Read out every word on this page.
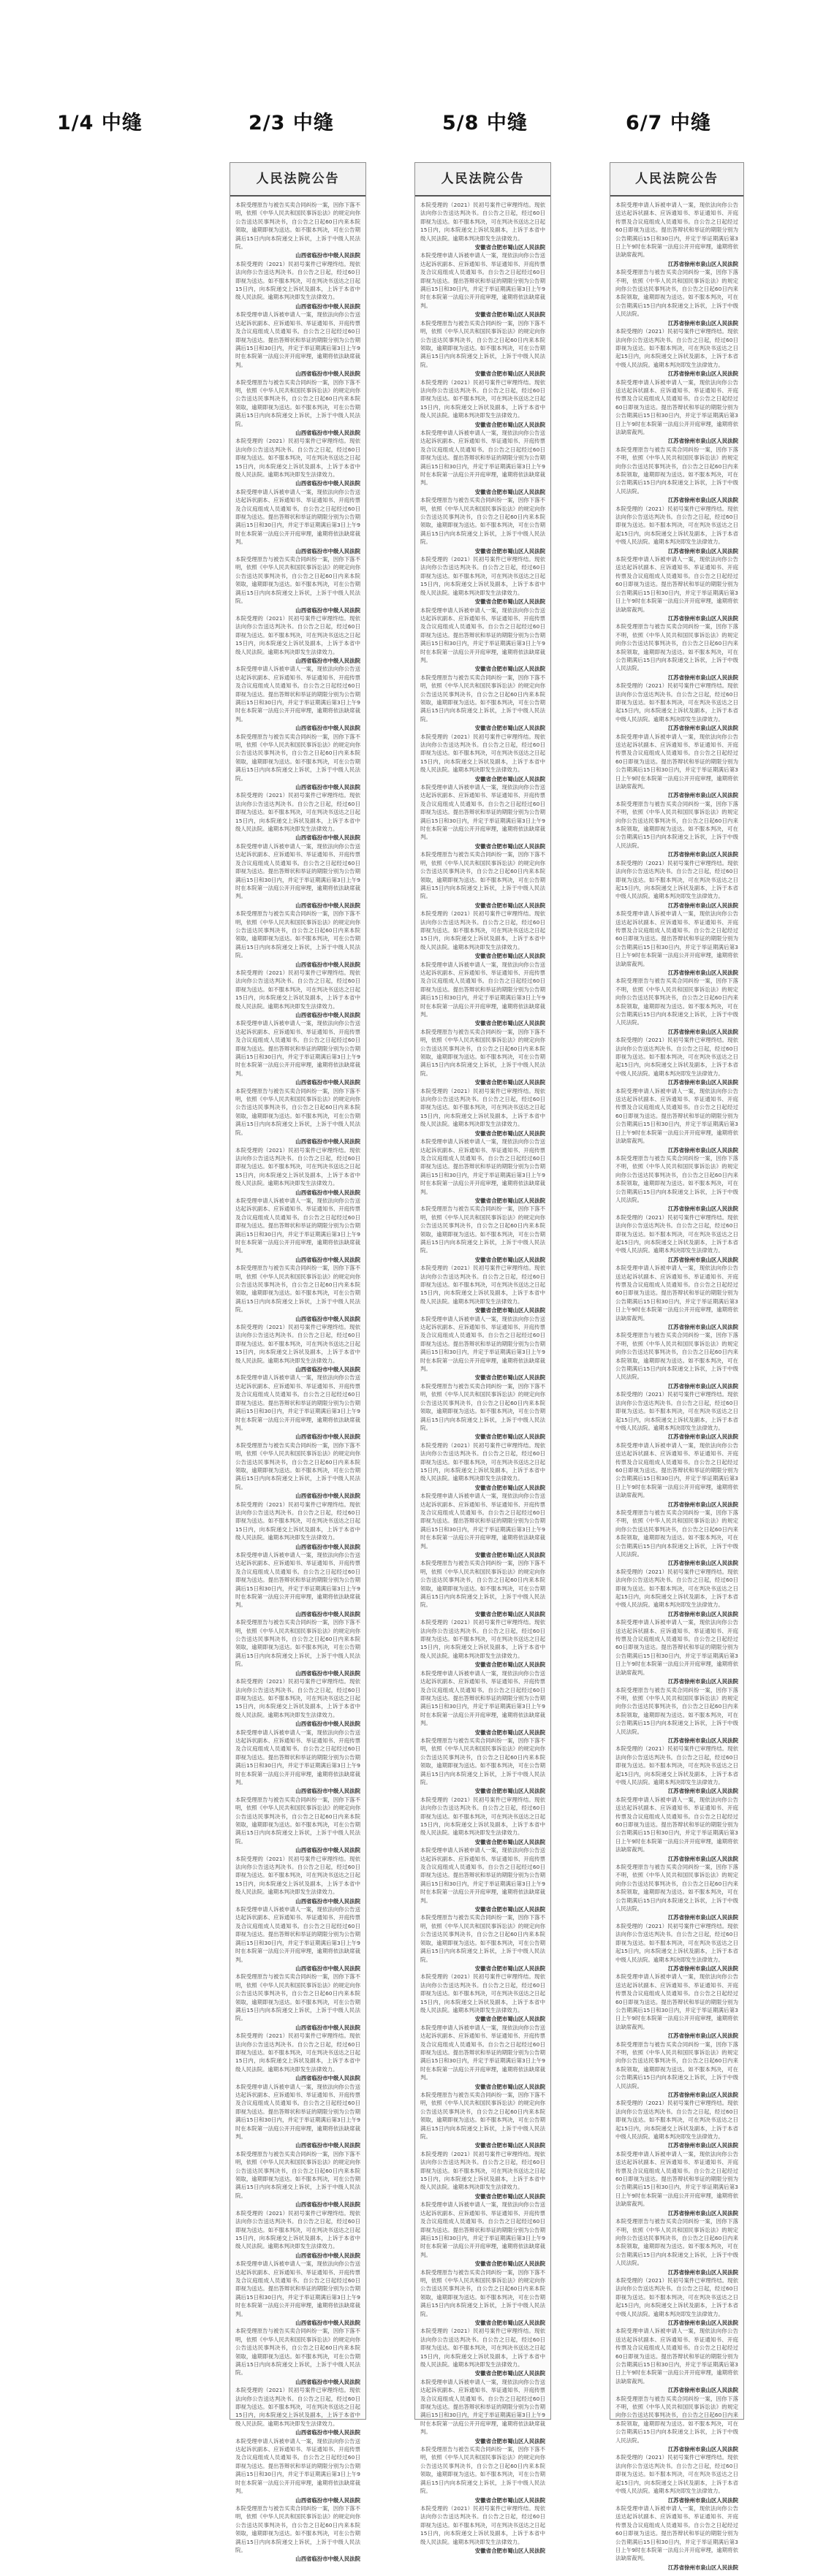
1/4 中缝	2/3 中缝	5/8 中缝	6/7 中缝
人民法院公告
本院受理原告与被告买卖合同纠纷一案，因你下落不明，依照《中华人民共和国民事诉讼法》的规定向你公告送达民事判决书，自公告之日起60日内来本院领取，逾期即视为送达。如不服本判决，可在公告期满后15日内向本院递交上诉状，上诉于中级人民法院。
山西省临汾市中级人民法院
本院受理的（2021）民初号案件已审理终结。现依法向你公告送达判决书。自公告之日起，经过60日即视为送达。如不服本判决，可在判决书送达之日起15日内，向本院递交上诉状及副本，上诉于本省中级人民法院。逾期本判决即发生法律效力。
山西省临汾市中级人民法院
本院受理申请人诉被申请人一案，现依法向你公告送达起诉状副本、应诉通知书、举证通知书、开庭传票及合议庭组成人员通知书。自公告之日起经过60日即视为送达。提出答辩状和举证的期限分别为公告期满后15日和30日内，并定于举证期满后第3日上午9时在本院第一法庭公开开庭审理，逾期将依法缺席裁判。
山西省临汾市中级人民法院
本院受理原告与被告买卖合同纠纷一案，因你下落不明，依照《中华人民共和国民事诉讼法》的规定向你公告送达民事判决书，自公告之日起60日内来本院领取，逾期即视为送达。如不服本判决，可在公告期满后15日内向本院递交上诉状，上诉于中级人民法院。
山西省临汾市中级人民法院
本院受理的（2021）民初号案件已审理终结。现依法向你公告送达判决书。自公告之日起，经过60日即视为送达。如不服本判决，可在判决书送达之日起15日内，向本院递交上诉状及副本，上诉于本省中级人民法院。逾期本判决即发生法律效力。
山西省临汾市中级人民法院
本院受理申请人诉被申请人一案，现依法向你公告送达起诉状副本、应诉通知书、举证通知书、开庭传票及合议庭组成人员通知书。自公告之日起经过60日即视为送达。提出答辩状和举证的期限分别为公告期满后15日和30日内，并定于举证期满后第3日上午9时在本院第一法庭公开开庭审理，逾期将依法缺席裁判。
山西省临汾市中级人民法院
本院受理原告与被告买卖合同纠纷一案，因你下落不明，依照《中华人民共和国民事诉讼法》的规定向你公告送达民事判决书，自公告之日起60日内来本院领取，逾期即视为送达。如不服本判决，可在公告期满后15日内向本院递交上诉状，上诉于中级人民法院。
山西省临汾市中级人民法院
本院受理的（2021）民初号案件已审理终结。现依法向你公告送达判决书。自公告之日起，经过60日即视为送达。如不服本判决，可在判决书送达之日起15日内，向本院递交上诉状及副本，上诉于本省中级人民法院。逾期本判决即发生法律效力。
山西省临汾市中级人民法院
本院受理申请人诉被申请人一案，现依法向你公告送达起诉状副本、应诉通知书、举证通知书、开庭传票及合议庭组成人员通知书。自公告之日起经过60日即视为送达。提出答辩状和举证的期限分别为公告期满后15日和30日内，并定于举证期满后第3日上午9时在本院第一法庭公开开庭审理，逾期将依法缺席裁判。
山西省临汾市中级人民法院
本院受理原告与被告买卖合同纠纷一案，因你下落不明，依照《中华人民共和国民事诉讼法》的规定向你公告送达民事判决书，自公告之日起60日内来本院领取，逾期即视为送达。如不服本判决，可在公告期满后15日内向本院递交上诉状，上诉于中级人民法院。
山西省临汾市中级人民法院
本院受理的（2021）民初号案件已审理终结。现依法向你公告送达判决书。自公告之日起，经过60日即视为送达。如不服本判决，可在判决书送达之日起15日内，向本院递交上诉状及副本，上诉于本省中级人民法院。逾期本判决即发生法律效力。
山西省临汾市中级人民法院
本院受理申请人诉被申请人一案，现依法向你公告送达起诉状副本、应诉通知书、举证通知书、开庭传票及合议庭组成人员通知书。自公告之日起经过60日即视为送达。提出答辩状和举证的期限分别为公告期满后15日和30日内，并定于举证期满后第3日上午9时在本院第一法庭公开开庭审理，逾期将依法缺席裁判。
山西省临汾市中级人民法院
本院受理原告与被告买卖合同纠纷一案，因你下落不明，依照《中华人民共和国民事诉讼法》的规定向你公告送达民事判决书，自公告之日起60日内来本院领取，逾期即视为送达。如不服本判决，可在公告期满后15日内向本院递交上诉状，上诉于中级人民法院。
山西省临汾市中级人民法院
本院受理的（2021）民初号案件已审理终结。现依法向你公告送达判决书。自公告之日起，经过60日即视为送达。如不服本判决，可在判决书送达之日起15日内，向本院递交上诉状及副本，上诉于本省中级人民法院。逾期本判决即发生法律效力。
山西省临汾市中级人民法院
本院受理申请人诉被申请人一案，现依法向你公告送达起诉状副本、应诉通知书、举证通知书、开庭传票及合议庭组成人员通知书。自公告之日起经过60日即视为送达。提出答辩状和举证的期限分别为公告期满后15日和30日内，并定于举证期满后第3日上午9时在本院第一法庭公开开庭审理，逾期将依法缺席裁判。
山西省临汾市中级人民法院
本院受理原告与被告买卖合同纠纷一案，因你下落不明，依照《中华人民共和国民事诉讼法》的规定向你公告送达民事判决书，自公告之日起60日内来本院领取，逾期即视为送达。如不服本判决，可在公告期满后15日内向本院递交上诉状，上诉于中级人民法院。
山西省临汾市中级人民法院
本院受理的（2021）民初号案件已审理终结。现依法向你公告送达判决书。自公告之日起，经过60日即视为送达。如不服本判决，可在判决书送达之日起15日内，向本院递交上诉状及副本，上诉于本省中级人民法院。逾期本判决即发生法律效力。
山西省临汾市中级人民法院
本院受理申请人诉被申请人一案，现依法向你公告送达起诉状副本、应诉通知书、举证通知书、开庭传票及合议庭组成人员通知书。自公告之日起经过60日即视为送达。提出答辩状和举证的期限分别为公告期满后15日和30日内，并定于举证期满后第3日上午9时在本院第一法庭公开开庭审理，逾期将依法缺席裁判。
山西省临汾市中级人民法院
本院受理原告与被告买卖合同纠纷一案，因你下落不明，依照《中华人民共和国民事诉讼法》的规定向你公告送达民事判决书，自公告之日起60日内来本院领取，逾期即视为送达。如不服本判决，可在公告期满后15日内向本院递交上诉状，上诉于中级人民法院。
山西省临汾市中级人民法院
本院受理的（2021）民初号案件已审理终结。现依法向你公告送达判决书。自公告之日起，经过60日即视为送达。如不服本判决，可在判决书送达之日起15日内，向本院递交上诉状及副本，上诉于本省中级人民法院。逾期本判决即发生法律效力。
山西省临汾市中级人民法院
本院受理申请人诉被申请人一案，现依法向你公告送达起诉状副本、应诉通知书、举证通知书、开庭传票及合议庭组成人员通知书。自公告之日起经过60日即视为送达。提出答辩状和举证的期限分别为公告期满后15日和30日内，并定于举证期满后第3日上午9时在本院第一法庭公开开庭审理，逾期将依法缺席裁判。
山西省临汾市中级人民法院
本院受理原告与被告买卖合同纠纷一案，因你下落不明，依照《中华人民共和国民事诉讼法》的规定向你公告送达民事判决书，自公告之日起60日内来本院领取，逾期即视为送达。如不服本判决，可在公告期满后15日内向本院递交上诉状，上诉于中级人民法院。
山西省临汾市中级人民法院
本院受理的（2021）民初号案件已审理终结。现依法向你公告送达判决书。自公告之日起，经过60日即视为送达。如不服本判决，可在判决书送达之日起15日内，向本院递交上诉状及副本，上诉于本省中级人民法院。逾期本判决即发生法律效力。
山西省临汾市中级人民法院
本院受理申请人诉被申请人一案，现依法向你公告送达起诉状副本、应诉通知书、举证通知书、开庭传票及合议庭组成人员通知书。自公告之日起经过60日即视为送达。提出答辩状和举证的期限分别为公告期满后15日和30日内，并定于举证期满后第3日上午9时在本院第一法庭公开开庭审理，逾期将依法缺席裁判。
山西省临汾市中级人民法院
本院受理原告与被告买卖合同纠纷一案，因你下落不明，依照《中华人民共和国民事诉讼法》的规定向你公告送达民事判决书，自公告之日起60日内来本院领取，逾期即视为送达。如不服本判决，可在公告期满后15日内向本院递交上诉状，上诉于中级人民法院。
山西省临汾市中级人民法院
本院受理的（2021）民初号案件已审理终结。现依法向你公告送达判决书。自公告之日起，经过60日即视为送达。如不服本判决，可在判决书送达之日起15日内，向本院递交上诉状及副本，上诉于本省中级人民法院。逾期本判决即发生法律效力。
山西省临汾市中级人民法院
本院受理申请人诉被申请人一案，现依法向你公告送达起诉状副本、应诉通知书、举证通知书、开庭传票及合议庭组成人员通知书。自公告之日起经过60日即视为送达。提出答辩状和举证的期限分别为公告期满后15日和30日内，并定于举证期满后第3日上午9时在本院第一法庭公开开庭审理，逾期将依法缺席裁判。
山西省临汾市中级人民法院
本院受理原告与被告买卖合同纠纷一案，因你下落不明，依照《中华人民共和国民事诉讼法》的规定向你公告送达民事判决书，自公告之日起60日内来本院领取，逾期即视为送达。如不服本判决，可在公告期满后15日内向本院递交上诉状，上诉于中级人民法院。
山西省临汾市中级人民法院
本院受理的（2021）民初号案件已审理终结。现依法向你公告送达判决书。自公告之日起，经过60日即视为送达。如不服本判决，可在判决书送达之日起15日内，向本院递交上诉状及副本，上诉于本省中级人民法院。逾期本判决即发生法律效力。
山西省临汾市中级人民法院
本院受理申请人诉被申请人一案，现依法向你公告送达起诉状副本、应诉通知书、举证通知书、开庭传票及合议庭组成人员通知书。自公告之日起经过60日即视为送达。提出答辩状和举证的期限分别为公告期满后15日和30日内，并定于举证期满后第3日上午9时在本院第一法庭公开开庭审理，逾期将依法缺席裁判。
山西省临汾市中级人民法院
本院受理原告与被告买卖合同纠纷一案，因你下落不明，依照《中华人民共和国民事诉讼法》的规定向你公告送达民事判决书，自公告之日起60日内来本院领取，逾期即视为送达。如不服本判决，可在公告期满后15日内向本院递交上诉状，上诉于中级人民法院。
山西省临汾市中级人民法院
本院受理的（2021）民初号案件已审理终结。现依法向你公告送达判决书。自公告之日起，经过60日即视为送达。如不服本判决，可在判决书送达之日起15日内，向本院递交上诉状及副本，上诉于本省中级人民法院。逾期本判决即发生法律效力。
山西省临汾市中级人民法院
本院受理申请人诉被申请人一案，现依法向你公告送达起诉状副本、应诉通知书、举证通知书、开庭传票及合议庭组成人员通知书。自公告之日起经过60日即视为送达。提出答辩状和举证的期限分别为公告期满后15日和30日内，并定于举证期满后第3日上午9时在本院第一法庭公开开庭审理，逾期将依法缺席裁判。
山西省临汾市中级人民法院
本院受理原告与被告买卖合同纠纷一案，因你下落不明，依照《中华人民共和国民事诉讼法》的规定向你公告送达民事判决书，自公告之日起60日内来本院领取，逾期即视为送达。如不服本判决，可在公告期满后15日内向本院递交上诉状，上诉于中级人民法院。
山西省临汾市中级人民法院
本院受理的（2021）民初号案件已审理终结。现依法向你公告送达判决书。自公告之日起，经过60日即视为送达。如不服本判决，可在判决书送达之日起15日内，向本院递交上诉状及副本，上诉于本省中级人民法院。逾期本判决即发生法律效力。
山西省临汾市中级人民法院
本院受理申请人诉被申请人一案，现依法向你公告送达起诉状副本、应诉通知书、举证通知书、开庭传票及合议庭组成人员通知书。自公告之日起经过60日即视为送达。提出答辩状和举证的期限分别为公告期满后15日和30日内，并定于举证期满后第3日上午9时在本院第一法庭公开开庭审理，逾期将依法缺席裁判。
山西省临汾市中级人民法院
本院受理原告与被告买卖合同纠纷一案，因你下落不明，依照《中华人民共和国民事诉讼法》的规定向你公告送达民事判决书，自公告之日起60日内来本院领取，逾期即视为送达。如不服本判决，可在公告期满后15日内向本院递交上诉状，上诉于中级人民法院。
山西省临汾市中级人民法院
本院受理的（2021）民初号案件已审理终结。现依法向你公告送达判决书。自公告之日起，经过60日即视为送达。如不服本判决，可在判决书送达之日起15日内，向本院递交上诉状及副本，上诉于本省中级人民法院。逾期本判决即发生法律效力。
山西省临汾市中级人民法院
本院受理申请人诉被申请人一案，现依法向你公告送达起诉状副本、应诉通知书、举证通知书、开庭传票及合议庭组成人员通知书。自公告之日起经过60日即视为送达。提出答辩状和举证的期限分别为公告期满后15日和30日内，并定于举证期满后第3日上午9时在本院第一法庭公开开庭审理，逾期将依法缺席裁判。
山西省临汾市中级人民法院
本院受理原告与被告买卖合同纠纷一案，因你下落不明，依照《中华人民共和国民事诉讼法》的规定向你公告送达民事判决书，自公告之日起60日内来本院领取，逾期即视为送达。如不服本判决，可在公告期满后15日内向本院递交上诉状，上诉于中级人民法院。
山西省临汾市中级人民法院
人民法院公告
本院受理的（2021）民初号案件已审理终结。现依法向你公告送达判决书。自公告之日起，经过60日即视为送达。如不服本判决，可在判决书送达之日起15日内，向本院递交上诉状及副本，上诉于本省中级人民法院。逾期本判决即发生法律效力。
安徽省合肥市蜀山区人民法院
本院受理申请人诉被申请人一案，现依法向你公告送达起诉状副本、应诉通知书、举证通知书、开庭传票及合议庭组成人员通知书。自公告之日起经过60日即视为送达。提出答辩状和举证的期限分别为公告期满后15日和30日内，并定于举证期满后第3日上午9时在本院第一法庭公开开庭审理，逾期将依法缺席裁判。
安徽省合肥市蜀山区人民法院
本院受理原告与被告买卖合同纠纷一案，因你下落不明，依照《中华人民共和国民事诉讼法》的规定向你公告送达民事判决书，自公告之日起60日内来本院领取，逾期即视为送达。如不服本判决，可在公告期满后15日内向本院递交上诉状，上诉于中级人民法院。
安徽省合肥市蜀山区人民法院
本院受理的（2021）民初号案件已审理终结。现依法向你公告送达判决书。自公告之日起，经过60日即视为送达。如不服本判决，可在判决书送达之日起15日内，向本院递交上诉状及副本，上诉于本省中级人民法院。逾期本判决即发生法律效力。
安徽省合肥市蜀山区人民法院
本院受理申请人诉被申请人一案，现依法向你公告送达起诉状副本、应诉通知书、举证通知书、开庭传票及合议庭组成人员通知书。自公告之日起经过60日即视为送达。提出答辩状和举证的期限分别为公告期满后15日和30日内，并定于举证期满后第3日上午9时在本院第一法庭公开开庭审理，逾期将依法缺席裁判。
安徽省合肥市蜀山区人民法院
本院受理原告与被告买卖合同纠纷一案，因你下落不明，依照《中华人民共和国民事诉讼法》的规定向你公告送达民事判决书，自公告之日起60日内来本院领取，逾期即视为送达。如不服本判决，可在公告期满后15日内向本院递交上诉状，上诉于中级人民法院。
安徽省合肥市蜀山区人民法院
本院受理的（2021）民初号案件已审理终结。现依法向你公告送达判决书。自公告之日起，经过60日即视为送达。如不服本判决，可在判决书送达之日起15日内，向本院递交上诉状及副本，上诉于本省中级人民法院。逾期本判决即发生法律效力。
安徽省合肥市蜀山区人民法院
本院受理申请人诉被申请人一案，现依法向你公告送达起诉状副本、应诉通知书、举证通知书、开庭传票及合议庭组成人员通知书。自公告之日起经过60日即视为送达。提出答辩状和举证的期限分别为公告期满后15日和30日内，并定于举证期满后第3日上午9时在本院第一法庭公开开庭审理，逾期将依法缺席裁判。
安徽省合肥市蜀山区人民法院
本院受理原告与被告买卖合同纠纷一案，因你下落不明，依照《中华人民共和国民事诉讼法》的规定向你公告送达民事判决书，自公告之日起60日内来本院领取，逾期即视为送达。如不服本判决，可在公告期满后15日内向本院递交上诉状，上诉于中级人民法院。
安徽省合肥市蜀山区人民法院
本院受理的（2021）民初号案件已审理终结。现依法向你公告送达判决书。自公告之日起，经过60日即视为送达。如不服本判决，可在判决书送达之日起15日内，向本院递交上诉状及副本，上诉于本省中级人民法院。逾期本判决即发生法律效力。
安徽省合肥市蜀山区人民法院
本院受理申请人诉被申请人一案，现依法向你公告送达起诉状副本、应诉通知书、举证通知书、开庭传票及合议庭组成人员通知书。自公告之日起经过60日即视为送达。提出答辩状和举证的期限分别为公告期满后15日和30日内，并定于举证期满后第3日上午9时在本院第一法庭公开开庭审理，逾期将依法缺席裁判。
安徽省合肥市蜀山区人民法院
本院受理原告与被告买卖合同纠纷一案，因你下落不明，依照《中华人民共和国民事诉讼法》的规定向你公告送达民事判决书，自公告之日起60日内来本院领取，逾期即视为送达。如不服本判决，可在公告期满后15日内向本院递交上诉状，上诉于中级人民法院。
安徽省合肥市蜀山区人民法院
本院受理的（2021）民初号案件已审理终结。现依法向你公告送达判决书。自公告之日起，经过60日即视为送达。如不服本判决，可在判决书送达之日起15日内，向本院递交上诉状及副本，上诉于本省中级人民法院。逾期本判决即发生法律效力。
安徽省合肥市蜀山区人民法院
本院受理申请人诉被申请人一案，现依法向你公告送达起诉状副本、应诉通知书、举证通知书、开庭传票及合议庭组成人员通知书。自公告之日起经过60日即视为送达。提出答辩状和举证的期限分别为公告期满后15日和30日内，并定于举证期满后第3日上午9时在本院第一法庭公开开庭审理，逾期将依法缺席裁判。
安徽省合肥市蜀山区人民法院
本院受理原告与被告买卖合同纠纷一案，因你下落不明，依照《中华人民共和国民事诉讼法》的规定向你公告送达民事判决书，自公告之日起60日内来本院领取，逾期即视为送达。如不服本判决，可在公告期满后15日内向本院递交上诉状，上诉于中级人民法院。
安徽省合肥市蜀山区人民法院
本院受理的（2021）民初号案件已审理终结。现依法向你公告送达判决书。自公告之日起，经过60日即视为送达。如不服本判决，可在判决书送达之日起15日内，向本院递交上诉状及副本，上诉于本省中级人民法院。逾期本判决即发生法律效力。
安徽省合肥市蜀山区人民法院
本院受理申请人诉被申请人一案，现依法向你公告送达起诉状副本、应诉通知书、举证通知书、开庭传票及合议庭组成人员通知书。自公告之日起经过60日即视为送达。提出答辩状和举证的期限分别为公告期满后15日和30日内，并定于举证期满后第3日上午9时在本院第一法庭公开开庭审理，逾期将依法缺席裁判。
安徽省合肥市蜀山区人民法院
本院受理原告与被告买卖合同纠纷一案，因你下落不明，依照《中华人民共和国民事诉讼法》的规定向你公告送达民事判决书，自公告之日起60日内来本院领取，逾期即视为送达。如不服本判决，可在公告期满后15日内向本院递交上诉状，上诉于中级人民法院。
安徽省合肥市蜀山区人民法院
本院受理的（2021）民初号案件已审理终结。现依法向你公告送达判决书。自公告之日起，经过60日即视为送达。如不服本判决，可在判决书送达之日起15日内，向本院递交上诉状及副本，上诉于本省中级人民法院。逾期本判决即发生法律效力。
安徽省合肥市蜀山区人民法院
本院受理申请人诉被申请人一案，现依法向你公告送达起诉状副本、应诉通知书、举证通知书、开庭传票及合议庭组成人员通知书。自公告之日起经过60日即视为送达。提出答辩状和举证的期限分别为公告期满后15日和30日内，并定于举证期满后第3日上午9时在本院第一法庭公开开庭审理，逾期将依法缺席裁判。
安徽省合肥市蜀山区人民法院
本院受理原告与被告买卖合同纠纷一案，因你下落不明，依照《中华人民共和国民事诉讼法》的规定向你公告送达民事判决书，自公告之日起60日内来本院领取，逾期即视为送达。如不服本判决，可在公告期满后15日内向本院递交上诉状，上诉于中级人民法院。
安徽省合肥市蜀山区人民法院
本院受理的（2021）民初号案件已审理终结。现依法向你公告送达判决书。自公告之日起，经过60日即视为送达。如不服本判决，可在判决书送达之日起15日内，向本院递交上诉状及副本，上诉于本省中级人民法院。逾期本判决即发生法律效力。
安徽省合肥市蜀山区人民法院
本院受理申请人诉被申请人一案，现依法向你公告送达起诉状副本、应诉通知书、举证通知书、开庭传票及合议庭组成人员通知书。自公告之日起经过60日即视为送达。提出答辩状和举证的期限分别为公告期满后15日和30日内，并定于举证期满后第3日上午9时在本院第一法庭公开开庭审理，逾期将依法缺席裁判。
安徽省合肥市蜀山区人民法院
本院受理原告与被告买卖合同纠纷一案，因你下落不明，依照《中华人民共和国民事诉讼法》的规定向你公告送达民事判决书，自公告之日起60日内来本院领取，逾期即视为送达。如不服本判决，可在公告期满后15日内向本院递交上诉状，上诉于中级人民法院。
安徽省合肥市蜀山区人民法院
本院受理的（2021）民初号案件已审理终结。现依法向你公告送达判决书。自公告之日起，经过60日即视为送达。如不服本判决，可在判决书送达之日起15日内，向本院递交上诉状及副本，上诉于本省中级人民法院。逾期本判决即发生法律效力。
安徽省合肥市蜀山区人民法院
本院受理申请人诉被申请人一案，现依法向你公告送达起诉状副本、应诉通知书、举证通知书、开庭传票及合议庭组成人员通知书。自公告之日起经过60日即视为送达。提出答辩状和举证的期限分别为公告期满后15日和30日内，并定于举证期满后第3日上午9时在本院第一法庭公开开庭审理，逾期将依法缺席裁判。
安徽省合肥市蜀山区人民法院
本院受理原告与被告买卖合同纠纷一案，因你下落不明，依照《中华人民共和国民事诉讼法》的规定向你公告送达民事判决书，自公告之日起60日内来本院领取，逾期即视为送达。如不服本判决，可在公告期满后15日内向本院递交上诉状，上诉于中级人民法院。
安徽省合肥市蜀山区人民法院
本院受理的（2021）民初号案件已审理终结。现依法向你公告送达判决书。自公告之日起，经过60日即视为送达。如不服本判决，可在判决书送达之日起15日内，向本院递交上诉状及副本，上诉于本省中级人民法院。逾期本判决即发生法律效力。
安徽省合肥市蜀山区人民法院
本院受理申请人诉被申请人一案，现依法向你公告送达起诉状副本、应诉通知书、举证通知书、开庭传票及合议庭组成人员通知书。自公告之日起经过60日即视为送达。提出答辩状和举证的期限分别为公告期满后15日和30日内，并定于举证期满后第3日上午9时在本院第一法庭公开开庭审理，逾期将依法缺席裁判。
安徽省合肥市蜀山区人民法院
本院受理原告与被告买卖合同纠纷一案，因你下落不明，依照《中华人民共和国民事诉讼法》的规定向你公告送达民事判决书，自公告之日起60日内来本院领取，逾期即视为送达。如不服本判决，可在公告期满后15日内向本院递交上诉状，上诉于中级人民法院。
安徽省合肥市蜀山区人民法院
本院受理的（2021）民初号案件已审理终结。现依法向你公告送达判决书。自公告之日起，经过60日即视为送达。如不服本判决，可在判决书送达之日起15日内，向本院递交上诉状及副本，上诉于本省中级人民法院。逾期本判决即发生法律效力。
安徽省合肥市蜀山区人民法院
本院受理申请人诉被申请人一案，现依法向你公告送达起诉状副本、应诉通知书、举证通知书、开庭传票及合议庭组成人员通知书。自公告之日起经过60日即视为送达。提出答辩状和举证的期限分别为公告期满后15日和30日内，并定于举证期满后第3日上午9时在本院第一法庭公开开庭审理，逾期将依法缺席裁判。
安徽省合肥市蜀山区人民法院
本院受理原告与被告买卖合同纠纷一案，因你下落不明，依照《中华人民共和国民事诉讼法》的规定向你公告送达民事判决书，自公告之日起60日内来本院领取，逾期即视为送达。如不服本判决，可在公告期满后15日内向本院递交上诉状，上诉于中级人民法院。
安徽省合肥市蜀山区人民法院
本院受理的（2021）民初号案件已审理终结。现依法向你公告送达判决书。自公告之日起，经过60日即视为送达。如不服本判决，可在判决书送达之日起15日内，向本院递交上诉状及副本，上诉于本省中级人民法院。逾期本判决即发生法律效力。
安徽省合肥市蜀山区人民法院
本院受理申请人诉被申请人一案，现依法向你公告送达起诉状副本、应诉通知书、举证通知书、开庭传票及合议庭组成人员通知书。自公告之日起经过60日即视为送达。提出答辩状和举证的期限分别为公告期满后15日和30日内，并定于举证期满后第3日上午9时在本院第一法庭公开开庭审理，逾期将依法缺席裁判。
安徽省合肥市蜀山区人民法院
本院受理原告与被告买卖合同纠纷一案，因你下落不明，依照《中华人民共和国民事诉讼法》的规定向你公告送达民事判决书，自公告之日起60日内来本院领取，逾期即视为送达。如不服本判决，可在公告期满后15日内向本院递交上诉状，上诉于中级人民法院。
安徽省合肥市蜀山区人民法院
本院受理的（2021）民初号案件已审理终结。现依法向你公告送达判决书。自公告之日起，经过60日即视为送达。如不服本判决，可在判决书送达之日起15日内，向本院递交上诉状及副本，上诉于本省中级人民法院。逾期本判决即发生法律效力。
安徽省合肥市蜀山区人民法院
本院受理申请人诉被申请人一案，现依法向你公告送达起诉状副本、应诉通知书、举证通知书、开庭传票及合议庭组成人员通知书。自公告之日起经过60日即视为送达。提出答辩状和举证的期限分别为公告期满后15日和30日内，并定于举证期满后第3日上午9时在本院第一法庭公开开庭审理，逾期将依法缺席裁判。
安徽省合肥市蜀山区人民法院
本院受理原告与被告买卖合同纠纷一案，因你下落不明，依照《中华人民共和国民事诉讼法》的规定向你公告送达民事判决书，自公告之日起60日内来本院领取，逾期即视为送达。如不服本判决，可在公告期满后15日内向本院递交上诉状，上诉于中级人民法院。
安徽省合肥市蜀山区人民法院
本院受理的（2021）民初号案件已审理终结。现依法向你公告送达判决书。自公告之日起，经过60日即视为送达。如不服本判决，可在判决书送达之日起15日内，向本院递交上诉状及副本，上诉于本省中级人民法院。逾期本判决即发生法律效力。
安徽省合肥市蜀山区人民法院
人民法院公告
本院受理申请人诉被申请人一案，现依法向你公告送达起诉状副本、应诉通知书、举证通知书、开庭传票及合议庭组成人员通知书。自公告之日起经过60日即视为送达。提出答辩状和举证的期限分别为公告期满后15日和30日内，并定于举证期满后第3日上午9时在本院第一法庭公开开庭审理，逾期将依法缺席裁判。
江苏省徐州市泉山区人民法院
本院受理原告与被告买卖合同纠纷一案，因你下落不明，依照《中华人民共和国民事诉讼法》的规定向你公告送达民事判决书，自公告之日起60日内来本院领取，逾期即视为送达。如不服本判决，可在公告期满后15日内向本院递交上诉状，上诉于中级人民法院。
江苏省徐州市泉山区人民法院
本院受理的（2021）民初号案件已审理终结。现依法向你公告送达判决书。自公告之日起，经过60日即视为送达。如不服本判决，可在判决书送达之日起15日内，向本院递交上诉状及副本，上诉于本省中级人民法院。逾期本判决即发生法律效力。
江苏省徐州市泉山区人民法院
本院受理申请人诉被申请人一案，现依法向你公告送达起诉状副本、应诉通知书、举证通知书、开庭传票及合议庭组成人员通知书。自公告之日起经过60日即视为送达。提出答辩状和举证的期限分别为公告期满后15日和30日内，并定于举证期满后第3日上午9时在本院第一法庭公开开庭审理，逾期将依法缺席裁判。
江苏省徐州市泉山区人民法院
本院受理原告与被告买卖合同纠纷一案，因你下落不明，依照《中华人民共和国民事诉讼法》的规定向你公告送达民事判决书，自公告之日起60日内来本院领取，逾期即视为送达。如不服本判决，可在公告期满后15日内向本院递交上诉状，上诉于中级人民法院。
江苏省徐州市泉山区人民法院
本院受理的（2021）民初号案件已审理终结。现依法向你公告送达判决书。自公告之日起，经过60日即视为送达。如不服本判决，可在判决书送达之日起15日内，向本院递交上诉状及副本，上诉于本省中级人民法院。逾期本判决即发生法律效力。
江苏省徐州市泉山区人民法院
本院受理申请人诉被申请人一案，现依法向你公告送达起诉状副本、应诉通知书、举证通知书、开庭传票及合议庭组成人员通知书。自公告之日起经过60日即视为送达。提出答辩状和举证的期限分别为公告期满后15日和30日内，并定于举证期满后第3日上午9时在本院第一法庭公开开庭审理，逾期将依法缺席裁判。
江苏省徐州市泉山区人民法院
本院受理原告与被告买卖合同纠纷一案，因你下落不明，依照《中华人民共和国民事诉讼法》的规定向你公告送达民事判决书，自公告之日起60日内来本院领取，逾期即视为送达。如不服本判决，可在公告期满后15日内向本院递交上诉状，上诉于中级人民法院。
江苏省徐州市泉山区人民法院
本院受理的（2021）民初号案件已审理终结。现依法向你公告送达判决书。自公告之日起，经过60日即视为送达。如不服本判决，可在判决书送达之日起15日内，向本院递交上诉状及副本，上诉于本省中级人民法院。逾期本判决即发生法律效力。
江苏省徐州市泉山区人民法院
本院受理申请人诉被申请人一案，现依法向你公告送达起诉状副本、应诉通知书、举证通知书、开庭传票及合议庭组成人员通知书。自公告之日起经过60日即视为送达。提出答辩状和举证的期限分别为公告期满后15日和30日内，并定于举证期满后第3日上午9时在本院第一法庭公开开庭审理，逾期将依法缺席裁判。
江苏省徐州市泉山区人民法院
本院受理原告与被告买卖合同纠纷一案，因你下落不明，依照《中华人民共和国民事诉讼法》的规定向你公告送达民事判决书，自公告之日起60日内来本院领取，逾期即视为送达。如不服本判决，可在公告期满后15日内向本院递交上诉状，上诉于中级人民法院。
江苏省徐州市泉山区人民法院
本院受理的（2021）民初号案件已审理终结。现依法向你公告送达判决书。自公告之日起，经过60日即视为送达。如不服本判决，可在判决书送达之日起15日内，向本院递交上诉状及副本，上诉于本省中级人民法院。逾期本判决即发生法律效力。
江苏省徐州市泉山区人民法院
本院受理申请人诉被申请人一案，现依法向你公告送达起诉状副本、应诉通知书、举证通知书、开庭传票及合议庭组成人员通知书。自公告之日起经过60日即视为送达。提出答辩状和举证的期限分别为公告期满后15日和30日内，并定于举证期满后第3日上午9时在本院第一法庭公开开庭审理，逾期将依法缺席裁判。
江苏省徐州市泉山区人民法院
本院受理原告与被告买卖合同纠纷一案，因你下落不明，依照《中华人民共和国民事诉讼法》的规定向你公告送达民事判决书，自公告之日起60日内来本院领取，逾期即视为送达。如不服本判决，可在公告期满后15日内向本院递交上诉状，上诉于中级人民法院。
江苏省徐州市泉山区人民法院
本院受理的（2021）民初号案件已审理终结。现依法向你公告送达判决书。自公告之日起，经过60日即视为送达。如不服本判决，可在判决书送达之日起15日内，向本院递交上诉状及副本，上诉于本省中级人民法院。逾期本判决即发生法律效力。
江苏省徐州市泉山区人民法院
本院受理申请人诉被申请人一案，现依法向你公告送达起诉状副本、应诉通知书、举证通知书、开庭传票及合议庭组成人员通知书。自公告之日起经过60日即视为送达。提出答辩状和举证的期限分别为公告期满后15日和30日内，并定于举证期满后第3日上午9时在本院第一法庭公开开庭审理，逾期将依法缺席裁判。
江苏省徐州市泉山区人民法院
本院受理原告与被告买卖合同纠纷一案，因你下落不明，依照《中华人民共和国民事诉讼法》的规定向你公告送达民事判决书，自公告之日起60日内来本院领取，逾期即视为送达。如不服本判决，可在公告期满后15日内向本院递交上诉状，上诉于中级人民法院。
江苏省徐州市泉山区人民法院
本院受理的（2021）民初号案件已审理终结。现依法向你公告送达判决书。自公告之日起，经过60日即视为送达。如不服本判决，可在判决书送达之日起15日内，向本院递交上诉状及副本，上诉于本省中级人民法院。逾期本判决即发生法律效力。
江苏省徐州市泉山区人民法院
本院受理申请人诉被申请人一案，现依法向你公告送达起诉状副本、应诉通知书、举证通知书、开庭传票及合议庭组成人员通知书。自公告之日起经过60日即视为送达。提出答辩状和举证的期限分别为公告期满后15日和30日内，并定于举证期满后第3日上午9时在本院第一法庭公开开庭审理，逾期将依法缺席裁判。
江苏省徐州市泉山区人民法院
本院受理原告与被告买卖合同纠纷一案，因你下落不明，依照《中华人民共和国民事诉讼法》的规定向你公告送达民事判决书，自公告之日起60日内来本院领取，逾期即视为送达。如不服本判决，可在公告期满后15日内向本院递交上诉状，上诉于中级人民法院。
江苏省徐州市泉山区人民法院
本院受理的（2021）民初号案件已审理终结。现依法向你公告送达判决书。自公告之日起，经过60日即视为送达。如不服本判决，可在判决书送达之日起15日内，向本院递交上诉状及副本，上诉于本省中级人民法院。逾期本判决即发生法律效力。
江苏省徐州市泉山区人民法院
本院受理申请人诉被申请人一案，现依法向你公告送达起诉状副本、应诉通知书、举证通知书、开庭传票及合议庭组成人员通知书。自公告之日起经过60日即视为送达。提出答辩状和举证的期限分别为公告期满后15日和30日内，并定于举证期满后第3日上午9时在本院第一法庭公开开庭审理，逾期将依法缺席裁判。
江苏省徐州市泉山区人民法院
本院受理原告与被告买卖合同纠纷一案，因你下落不明，依照《中华人民共和国民事诉讼法》的规定向你公告送达民事判决书，自公告之日起60日内来本院领取，逾期即视为送达。如不服本判决，可在公告期满后15日内向本院递交上诉状，上诉于中级人民法院。
江苏省徐州市泉山区人民法院
本院受理的（2021）民初号案件已审理终结。现依法向你公告送达判决书。自公告之日起，经过60日即视为送达。如不服本判决，可在判决书送达之日起15日内，向本院递交上诉状及副本，上诉于本省中级人民法院。逾期本判决即发生法律效力。
江苏省徐州市泉山区人民法院
本院受理申请人诉被申请人一案，现依法向你公告送达起诉状副本、应诉通知书、举证通知书、开庭传票及合议庭组成人员通知书。自公告之日起经过60日即视为送达。提出答辩状和举证的期限分别为公告期满后15日和30日内，并定于举证期满后第3日上午9时在本院第一法庭公开开庭审理，逾期将依法缺席裁判。
江苏省徐州市泉山区人民法院
本院受理原告与被告买卖合同纠纷一案，因你下落不明，依照《中华人民共和国民事诉讼法》的规定向你公告送达民事判决书，自公告之日起60日内来本院领取，逾期即视为送达。如不服本判决，可在公告期满后15日内向本院递交上诉状，上诉于中级人民法院。
江苏省徐州市泉山区人民法院
本院受理的（2021）民初号案件已审理终结。现依法向你公告送达判决书。自公告之日起，经过60日即视为送达。如不服本判决，可在判决书送达之日起15日内，向本院递交上诉状及副本，上诉于本省中级人民法院。逾期本判决即发生法律效力。
江苏省徐州市泉山区人民法院
本院受理申请人诉被申请人一案，现依法向你公告送达起诉状副本、应诉通知书、举证通知书、开庭传票及合议庭组成人员通知书。自公告之日起经过60日即视为送达。提出答辩状和举证的期限分别为公告期满后15日和30日内，并定于举证期满后第3日上午9时在本院第一法庭公开开庭审理，逾期将依法缺席裁判。
江苏省徐州市泉山区人民法院
本院受理原告与被告买卖合同纠纷一案，因你下落不明，依照《中华人民共和国民事诉讼法》的规定向你公告送达民事判决书，自公告之日起60日内来本院领取，逾期即视为送达。如不服本判决，可在公告期满后15日内向本院递交上诉状，上诉于中级人民法院。
江苏省徐州市泉山区人民法院
本院受理的（2021）民初号案件已审理终结。现依法向你公告送达判决书。自公告之日起，经过60日即视为送达。如不服本判决，可在判决书送达之日起15日内，向本院递交上诉状及副本，上诉于本省中级人民法院。逾期本判决即发生法律效力。
江苏省徐州市泉山区人民法院
本院受理申请人诉被申请人一案，现依法向你公告送达起诉状副本、应诉通知书、举证通知书、开庭传票及合议庭组成人员通知书。自公告之日起经过60日即视为送达。提出答辩状和举证的期限分别为公告期满后15日和30日内，并定于举证期满后第3日上午9时在本院第一法庭公开开庭审理，逾期将依法缺席裁判。
江苏省徐州市泉山区人民法院
本院受理原告与被告买卖合同纠纷一案，因你下落不明，依照《中华人民共和国民事诉讼法》的规定向你公告送达民事判决书，自公告之日起60日内来本院领取，逾期即视为送达。如不服本判决，可在公告期满后15日内向本院递交上诉状，上诉于中级人民法院。
江苏省徐州市泉山区人民法院
本院受理的（2021）民初号案件已审理终结。现依法向你公告送达判决书。自公告之日起，经过60日即视为送达。如不服本判决，可在判决书送达之日起15日内，向本院递交上诉状及副本，上诉于本省中级人民法院。逾期本判决即发生法律效力。
江苏省徐州市泉山区人民法院
本院受理申请人诉被申请人一案，现依法向你公告送达起诉状副本、应诉通知书、举证通知书、开庭传票及合议庭组成人员通知书。自公告之日起经过60日即视为送达。提出答辩状和举证的期限分别为公告期满后15日和30日内，并定于举证期满后第3日上午9时在本院第一法庭公开开庭审理，逾期将依法缺席裁判。
江苏省徐州市泉山区人民法院
本院受理原告与被告买卖合同纠纷一案，因你下落不明，依照《中华人民共和国民事诉讼法》的规定向你公告送达民事判决书，自公告之日起60日内来本院领取，逾期即视为送达。如不服本判决，可在公告期满后15日内向本院递交上诉状，上诉于中级人民法院。
江苏省徐州市泉山区人民法院
本院受理的（2021）民初号案件已审理终结。现依法向你公告送达判决书。自公告之日起，经过60日即视为送达。如不服本判决，可在判决书送达之日起15日内，向本院递交上诉状及副本，上诉于本省中级人民法院。逾期本判决即发生法律效力。
江苏省徐州市泉山区人民法院
本院受理申请人诉被申请人一案，现依法向你公告送达起诉状副本、应诉通知书、举证通知书、开庭传票及合议庭组成人员通知书。自公告之日起经过60日即视为送达。提出答辩状和举证的期限分别为公告期满后15日和30日内，并定于举证期满后第3日上午9时在本院第一法庭公开开庭审理，逾期将依法缺席裁判。
江苏省徐州市泉山区人民法院
本院受理原告与被告买卖合同纠纷一案，因你下落不明，依照《中华人民共和国民事诉讼法》的规定向你公告送达民事判决书，自公告之日起60日内来本院领取，逾期即视为送达。如不服本判决，可在公告期满后15日内向本院递交上诉状，上诉于中级人民法院。
江苏省徐州市泉山区人民法院
本院受理的（2021）民初号案件已审理终结。现依法向你公告送达判决书。自公告之日起，经过60日即视为送达。如不服本判决，可在判决书送达之日起15日内，向本院递交上诉状及副本，上诉于本省中级人民法院。逾期本判决即发生法律效力。
江苏省徐州市泉山区人民法院
本院受理申请人诉被申请人一案，现依法向你公告送达起诉状副本、应诉通知书、举证通知书、开庭传票及合议庭组成人员通知书。自公告之日起经过60日即视为送达。提出答辩状和举证的期限分别为公告期满后15日和30日内，并定于举证期满后第3日上午9时在本院第一法庭公开开庭审理，逾期将依法缺席裁判。
江苏省徐州市泉山区人民法院
